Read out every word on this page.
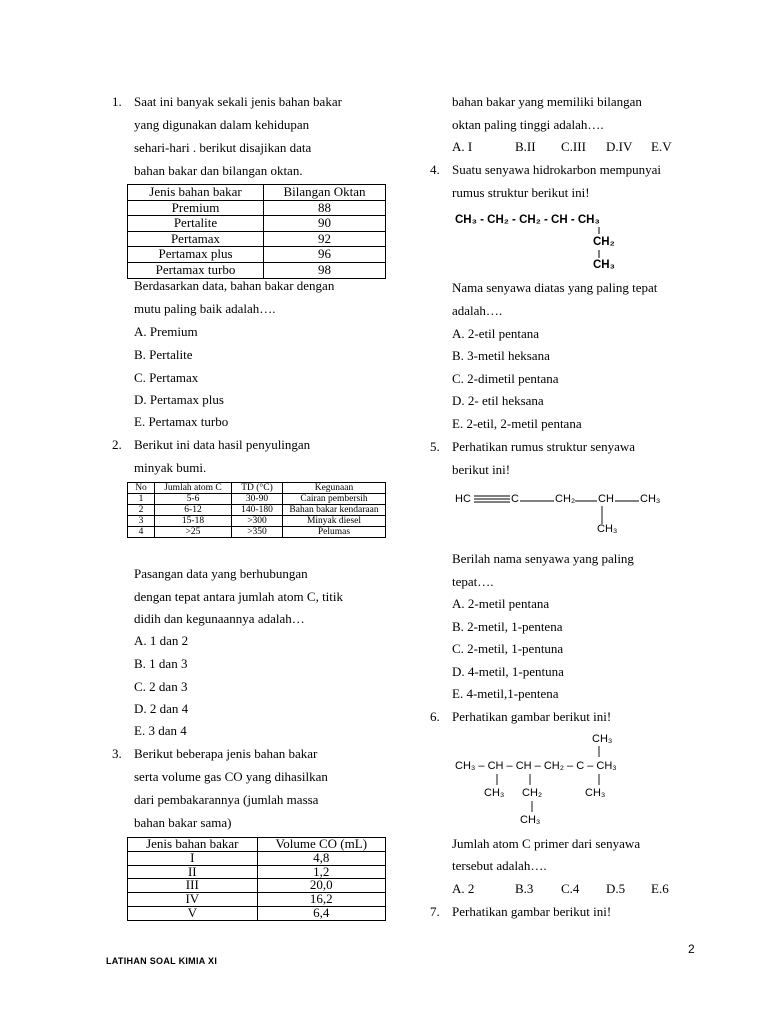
1. Saat ini banyak sekali jenis bahan bakar
yang digunakan dalam kehidupan
sehari-hari . berikut disajikan data
bahan bakar dan bilangan oktan.
Jenis bahan bakar	Bilangan Oktan
Premium	88
Pertalite	90
Pertamax	92
Pertamax plus	96
Pertamax turbo	98
Berdasarkan data, bahan bakar dengan
mutu paling baik adalah….
A. Premium
B. Pertalite
C. Pertamax
D. Pertamax plus
E. Pertamax turbo
2. Berikut ini data hasil penyulingan
minyak bumi.
No	Jumlah atom C	TD (°C)	Kegunaan
1	5-6	30-90	Cairan pembersih
2	6-12	140-180	Bahan bakar kendaraan
3	15-18	>300	Minyak diesel
4	>25	>350	Pelumas
Pasangan data yang berhubungan
dengan tepat antara jumlah atom C, titik
didih dan kegunaannya adalah…
A. 1 dan 2
B. 1 dan 3
C. 2 dan 3
D. 2 dan 4
E. 3 dan 4
3. Berikut beberapa jenis bahan bakar
serta volume gas CO yang dihasilkan
dari pembakarannya (jumlah massa
bahan bakar sama)
Jenis bahan bakar	Volume CO (mL)
I	4,8
II	1,2
III	20,0
IV	16,2
V	6,4
bahan bakar yang memiliki bilangan
oktan paling tinggi adalah….
A. I	B.II C.III D.IV E.V
4. Suatu senyawa hidrokarbon mempunyai
rumus struktur berikut ini!
CH₃ - CH₂ - CH₂ - CH - CH₃
CH₂
CH₃
Nama senyawa diatas yang paling tepat
adalah….
A. 2-etil pentana
B. 3-metil heksana
C. 2-dimetil pentana
D. 2- etil heksana
E. 2-etil, 2-metil pentana
5. Perhatikan rumus struktur senyawa
berikut ini!
HC	C	CH₂ CH CH₃
CH₃
Berilah nama senyawa yang paling
tepat….
A. 2-metil pentana
B. 2-metil, 1-pentena
C. 2-metil, 1-pentuna
D. 4-metil, 1-pentuna
E. 4-metil,1-pentena
6. Perhatikan gambar berikut ini!
CH₃
CH₃ – CH – CH – CH₂ – C – CH₃
CH₃ CH₂	CH₃
CH₃
Jumlah atom C primer dari senyawa
tersebut adalah….
A. 2	B.3 C.4 D.5 E.6
7. Perhatikan gambar berikut ini!
2
LATIHAN SOAL KIMIA XI
